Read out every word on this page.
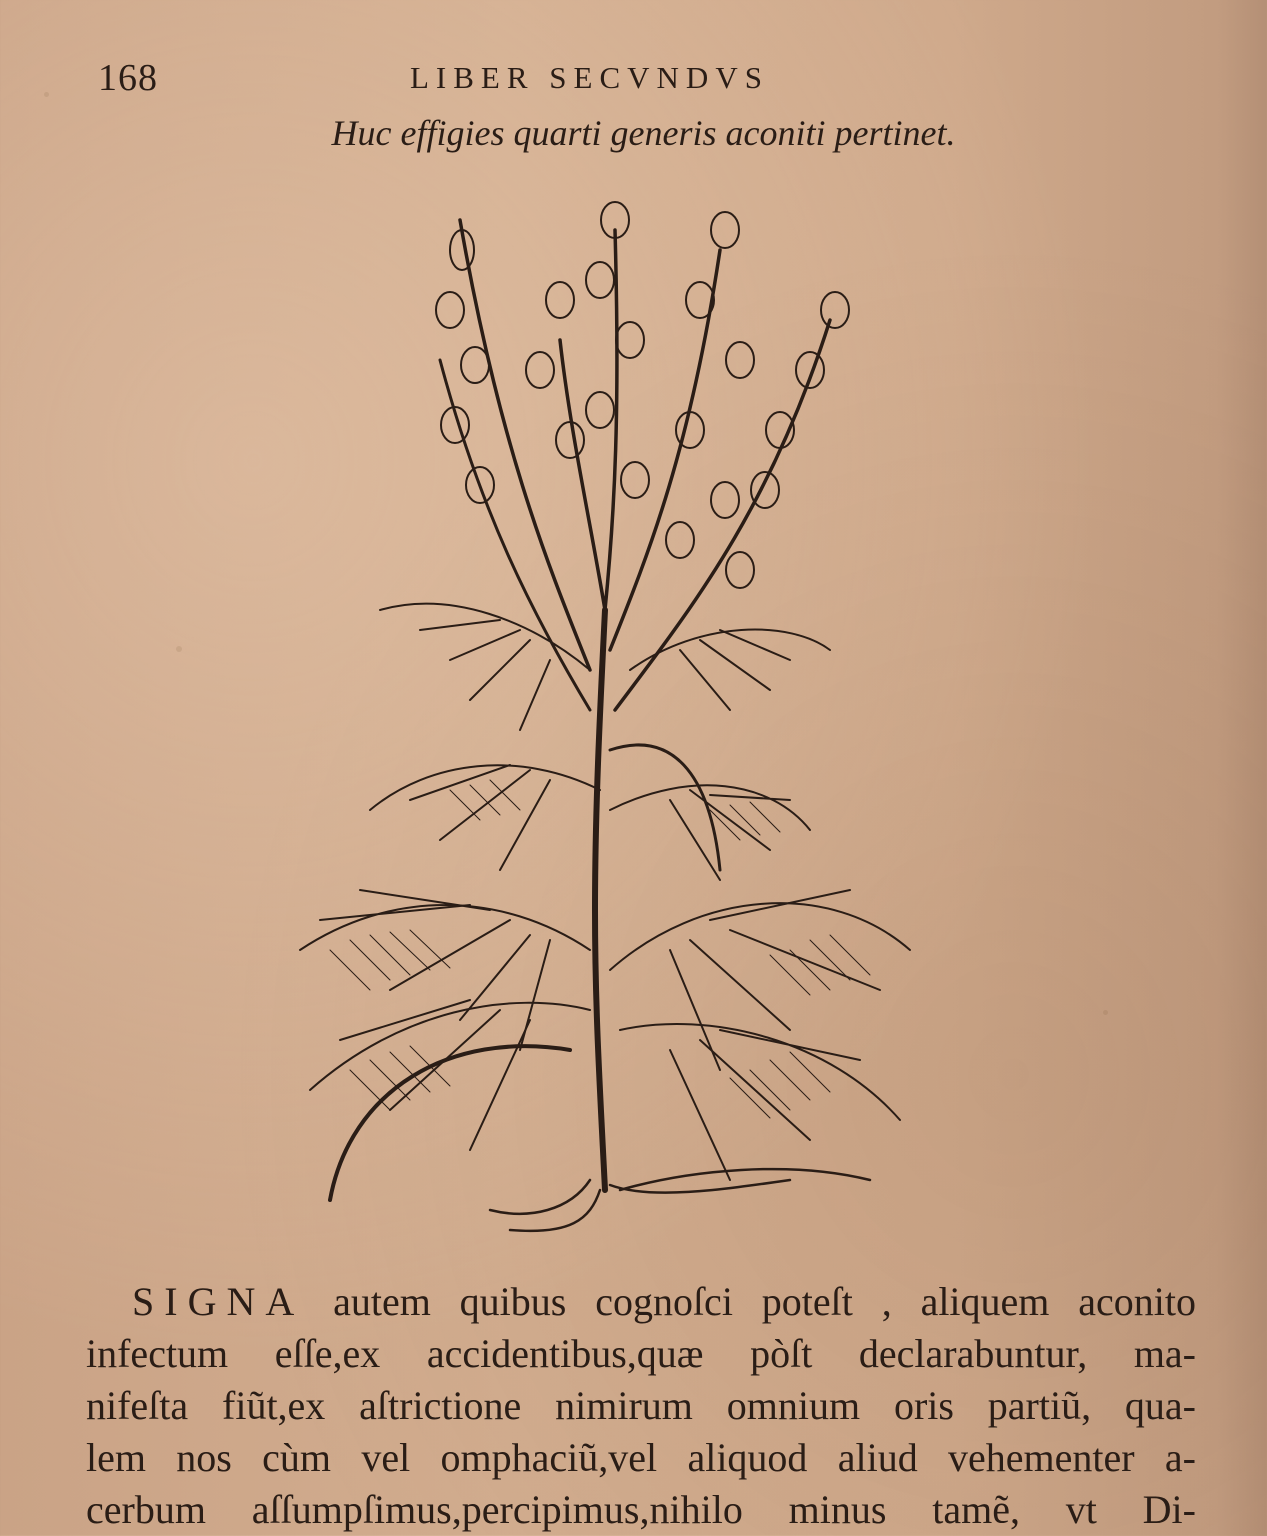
168	LIBER SECVNDVS
Huc effigies quarti generis aconiti pertinet.
SIGNA autem quibus cognoſci poteſt , aliquem aconito
infectum eſſe,ex accidentibus,quæ pòſt declarabuntur, ma-
nifeſta fiũt,ex aſtrictione nimirum omnium oris partiũ, qua-
lem nos cùm vel omphaciũ,vel aliquod aliud vehementer a-
cerbum aſſumpſimus,percipimus,nihilo minus tamẽ, vt Di-
